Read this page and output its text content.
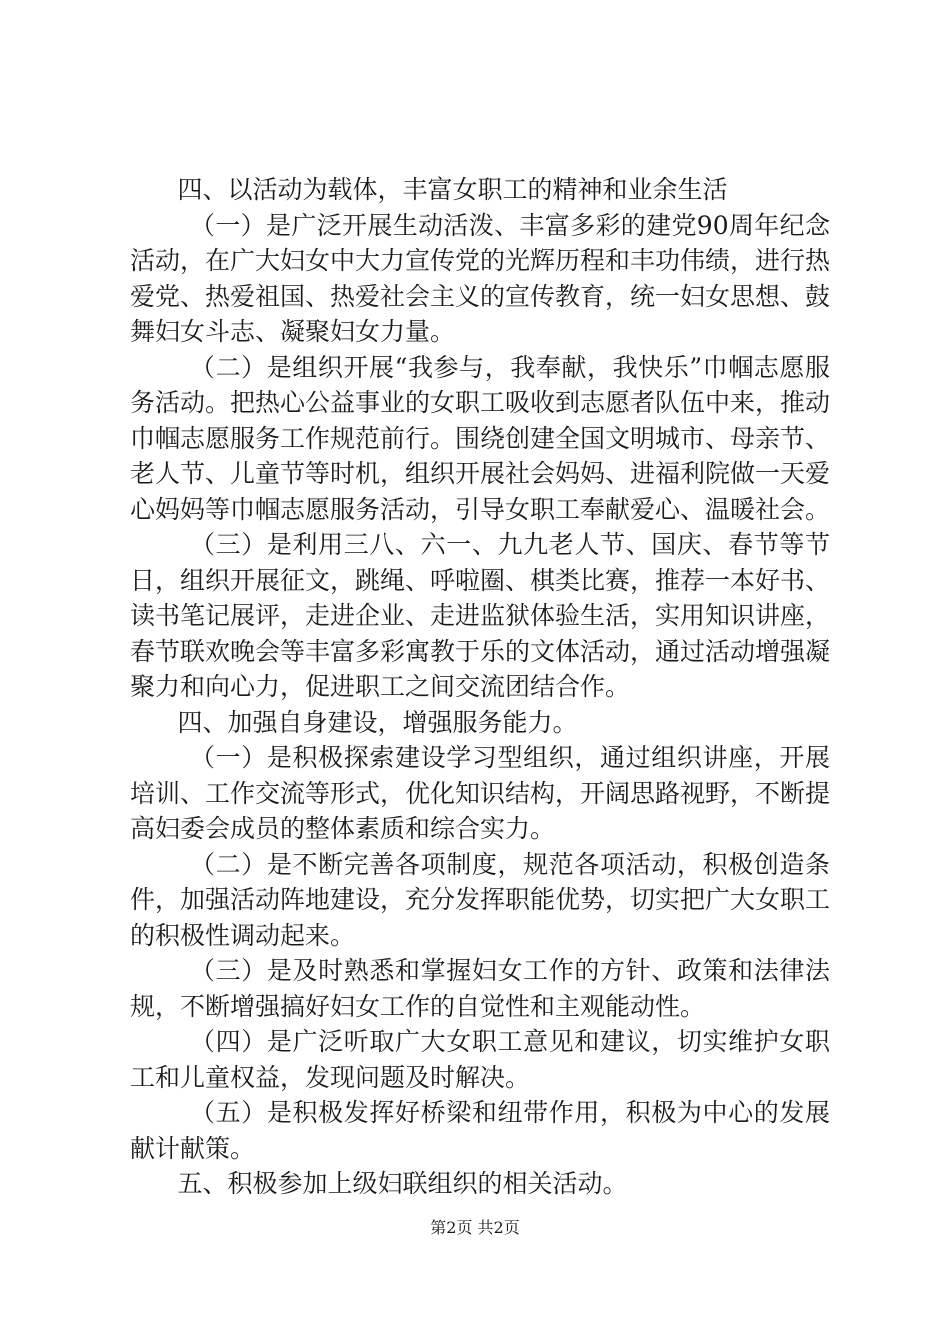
四、以活动为载体，丰富女职工的精神和业余生活

（一）是广泛开展生动活泼、丰富多彩的建党90周年纪念活动，在广大妇女中大力宣传党的光辉历程和丰功伟绩，进行热爱党、热爱祖国、热爱社会主义的宣传教育，统一妇女思想、鼓舞妇女斗志、凝聚妇女力量。

（二）是组织开展“我参与，我奉献，我快乐”巾帼志愿服务活动。把热心公益事业的女职工吸收到志愿者队伍中来，推动巾帼志愿服务工作规范前行。围绕创建全国文明城市、母亲节、老人节、儿童节等时机，组织开展社会妈妈、进福利院做一天爱心妈妈等巾帼志愿服务活动，引导女职工奉献爱心、温暖社会。

（三）是利用三八、六一、九九老人节、国庆、春节等节日，组织开展征文，跳绳、呼啦圈、棋类比赛，推荐一本好书、读书笔记展评，走进企业、走进监狱体验生活，实用知识讲座，春节联欢晚会等丰富多彩寓教于乐的文体活动，通过活动增强凝聚力和向心力，促进职工之间交流团结合作。

四、加强自身建设，增强服务能力。

（一）是积极探索建设学习型组织，通过组织讲座，开展培训、工作交流等形式，优化知识结构，开阔思路视野，不断提高妇委会成员的整体素质和综合实力。

（二）是不断完善各项制度，规范各项活动，积极创造条件，加强活动阵地建设，充分发挥职能优势，切实把广大女职工的积极性调动起来。

（三）是及时熟悉和掌握妇女工作的方针、政策和法律法规，不断增强搞好妇女工作的自觉性和主观能动性。

（四）是广泛听取广大女职工意见和建议，切实维护女职工和儿童权益，发现问题及时解决。

（五）是积极发挥好桥梁和纽带作用，积极为中心的发展献计献策。

五、积极参加上级妇联组织的相关活动。

第2页 共2页
